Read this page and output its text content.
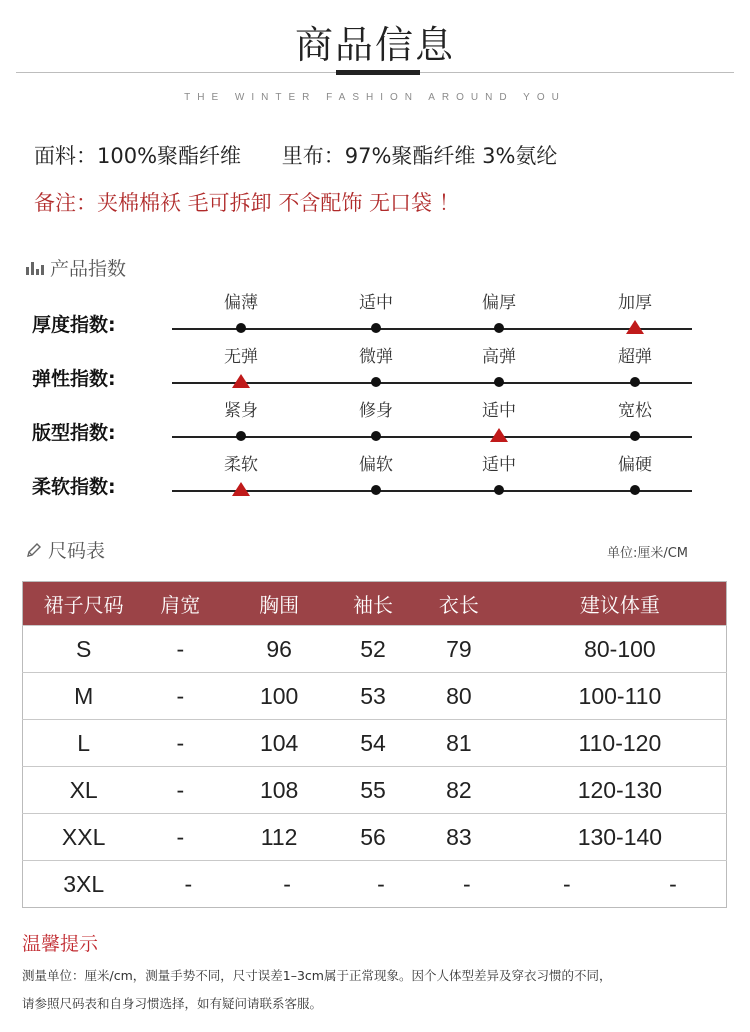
商品信息
THE WINTER FASHION AROUND YOU
面料：100%聚酯纤维 里布：97%聚酯纤维 3%氨纶
备注：夹棉棉袄 毛可拆卸 不含配饰 无口袋 ！
产品指数
厚度指数:
偏薄	适中	偏厚	加厚
弹性指数:
无弹	微弹	高弹	超弹
版型指数:
紧身	修身	适中	宽松
柔软指数:
柔软	偏软	适中	偏硬
尺码表	单位:厘米/CM
裙子尺码	肩宽	胸围	袖长	衣长	建议体重
S	-	96	52	79	80-100
M	-	100	53	80	100-110
L	-	104	54	81	110-120
XL	-	108	55	82	120-130
XXL	-	112	56	83	130-140
3XL	-	-	-	-	- -
温馨提示
测量单位：厘米/cm，测量手势不同，尺寸误差1–3cm属于正常现象。因个人体型差异及穿衣习惯的不同，
请参照尺码表和自身习惯选择，如有疑问请联系客服。
